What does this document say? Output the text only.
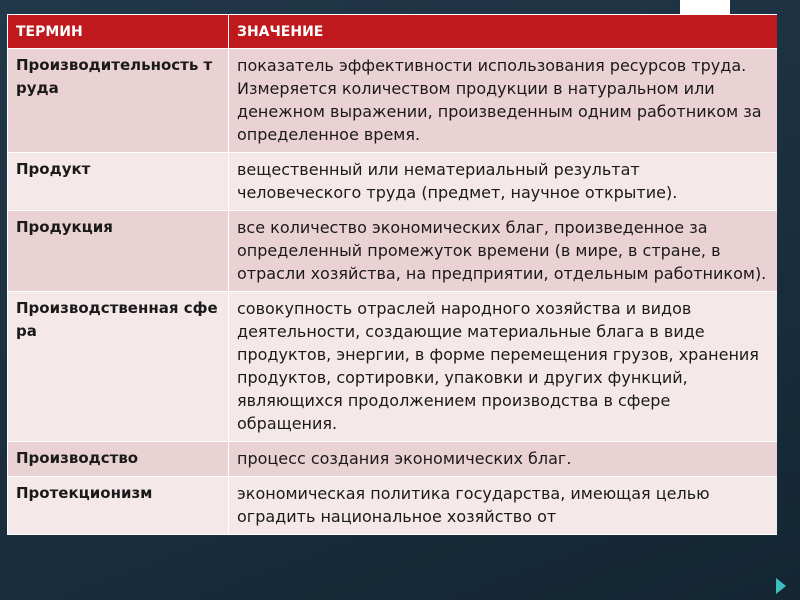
ТЕРМИН	ЗНАЧЕНИЕ
Производительность труда	показатель эффективности использования ресурсов труда. Измеряется количеством продукции в натуральном или денежном выражении, произведенным одним работником за определенное время.
Продукт	вещественный или нематериальный результат человеческого труда (предмет, научное открытие).
Продукция	все количество экономических благ, произведенное за определенный промежуток времени (в мире, в стране, в отрасли хозяйства, на предприятии, отдельным работником).
Производственная сфера	совокупность отраслей народного хозяйства и видов деятельности, создающие материальные блага в виде продуктов, энергии, в форме перемещения грузов, хранения продуктов, сортировки, упаковки и других функций, являющихся продолжением производства в сфере обращения.
Производство	процесс создания экономических благ.
Протекционизм	экономическая политика государства, имеющая целью оградить национальное хозяйство от
